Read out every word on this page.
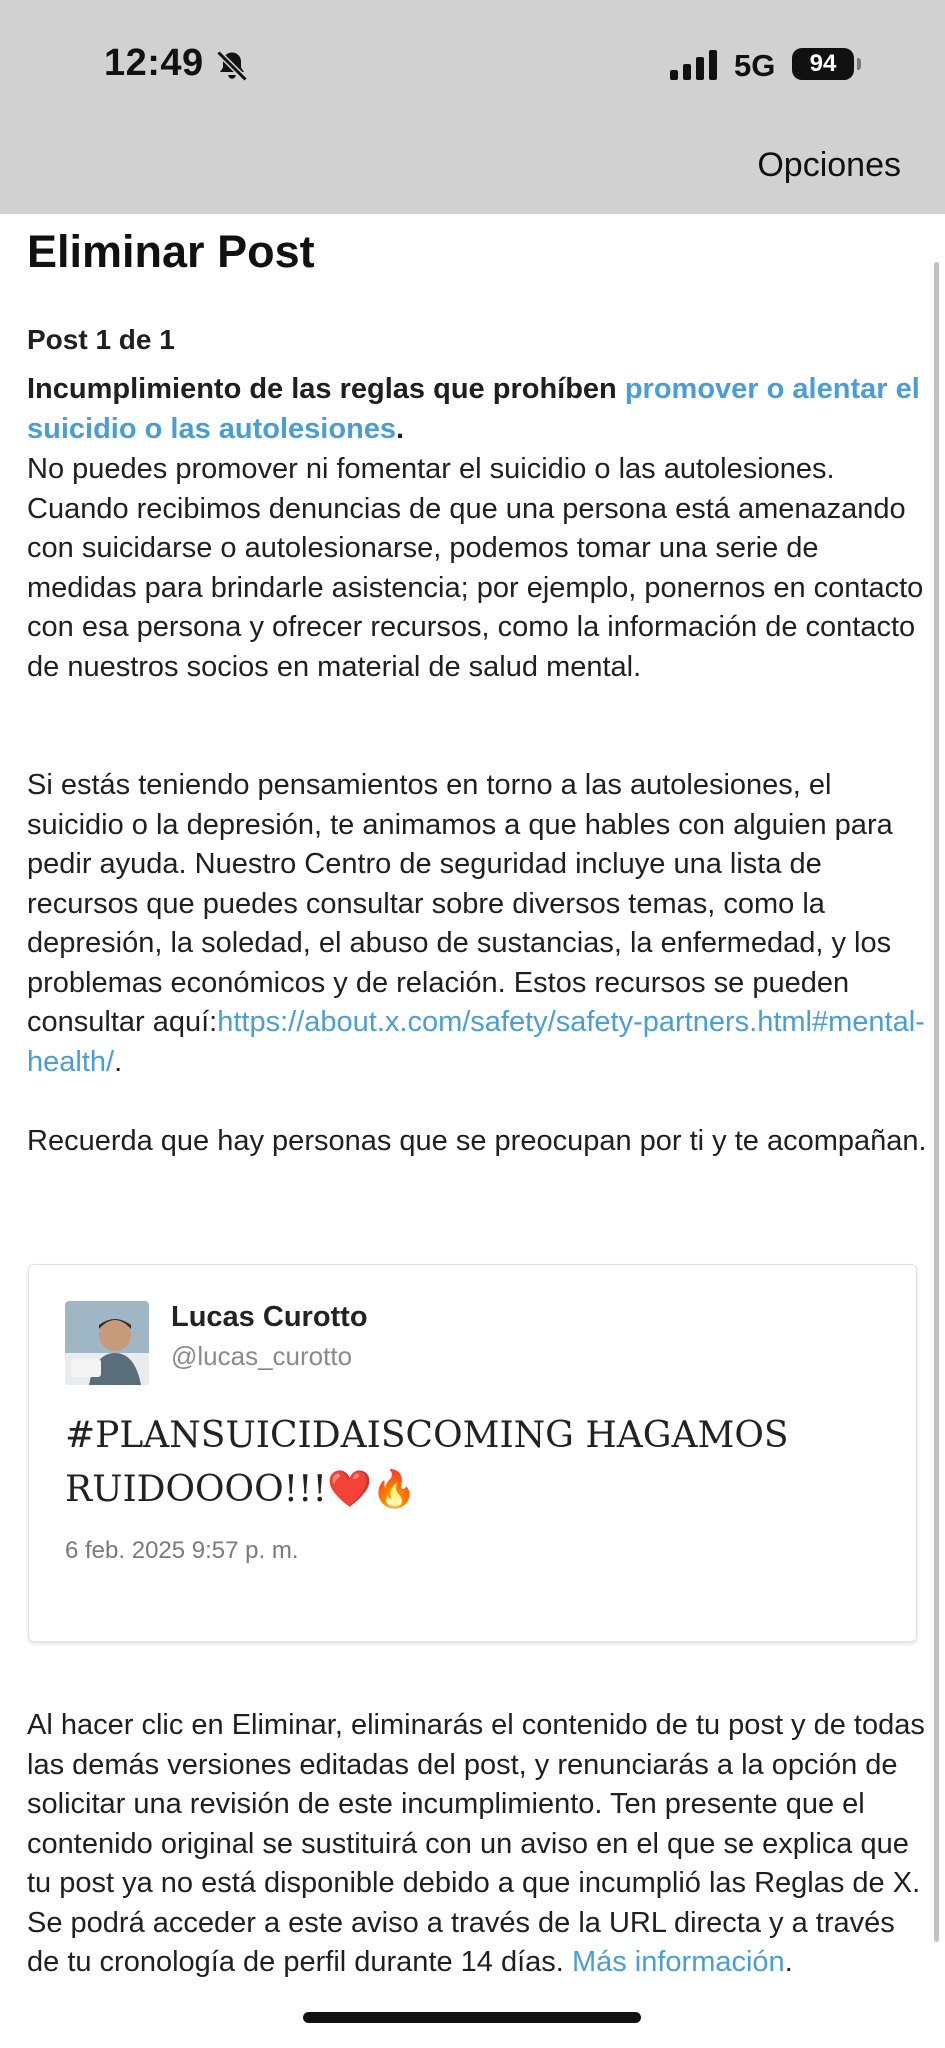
12:49	5G	94
Opciones
Eliminar Post
Post 1 de 1
Incumplimiento de las reglas que prohíben promover o alentar el suicidio o las autolesiones.

No puedes promover ni fomentar el suicidio o las autolesiones. Cuando recibimos denuncias de que una persona está amenazando con suicidarse o autolesionarse, podemos tomar una serie de medidas para brindarle asistencia; por ejemplo, ponernos en contacto con esa persona y ofrecer recursos, como la información de contacto de nuestros socios en material de salud mental.

Si estás teniendo pensamientos en torno a las autolesiones, el suicidio o la depresión, te animamos a que hables con alguien para pedir ayuda. Nuestro Centro de seguridad incluye una lista de recursos que puedes consultar sobre diversos temas, como la depresión, la soledad, el abuso de sustancias, la enfermedad, y los problemas económicos y de relación. Estos recursos se pueden consultar aquí:https://about.x.com/safety/safety-partners.html#mental-health/.

Recuerda que hay personas que se preocupan por ti y te acompañan.

Lucas Curotto
@lucas_curotto
#PLANSUICIDAISCOMING HAGAMOS RUIDOOOO!!!❤️🔥
6 feb. 2025 9:57 p. m.

Al hacer clic en Eliminar, eliminarás el contenido de tu post y de todas las demás versiones editadas del post, y renunciarás a la opción de solicitar una revisión de este incumplimiento. Ten presente que el contenido original se sustituirá con un aviso en el que se explica que tu post ya no está disponible debido a que incumplió las Reglas de X. Se podrá acceder a este aviso a través de la URL directa y a través de tu cronología de perfil durante 14 días. Más información.
